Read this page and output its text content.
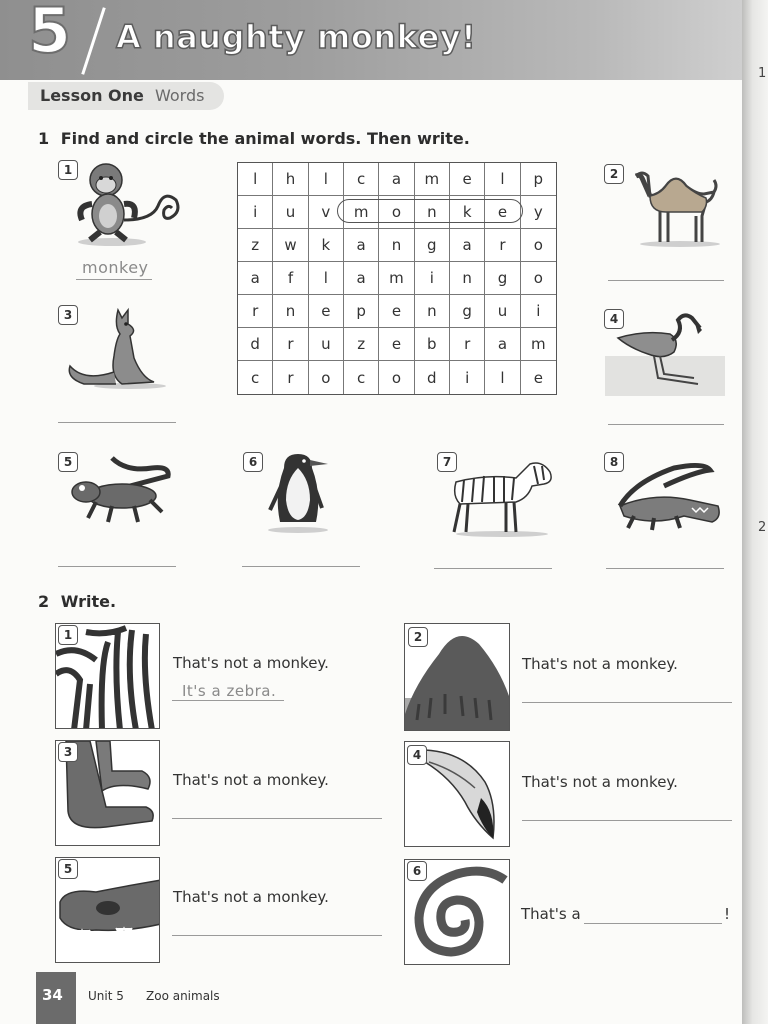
5 A naughty monkey!
Lesson One Words
1 Find and circle the animal words. Then write.
1
monkey
3
l	h	l	c	a	m	e	l	p
i	u	v	m	o	n	k	e	y
z	w	k	a	n	g	a	r	o
a	f	l	a	m	i	n	g	o
r	n	e	p	e	n	g	u	i
d	r	u	z	e	b	r	a	m
c	r	o	c	o	d	i	l	e
2
4
5	6	7	8
2 Write.
1
That's not a monkey.
It's a zebra.
2
That's not a monkey.
3
That's not a monkey.
4
That's not a monkey.
5
That's not a monkey.
6
That's a	!
34 Unit 5 Zoo animals
1
2
